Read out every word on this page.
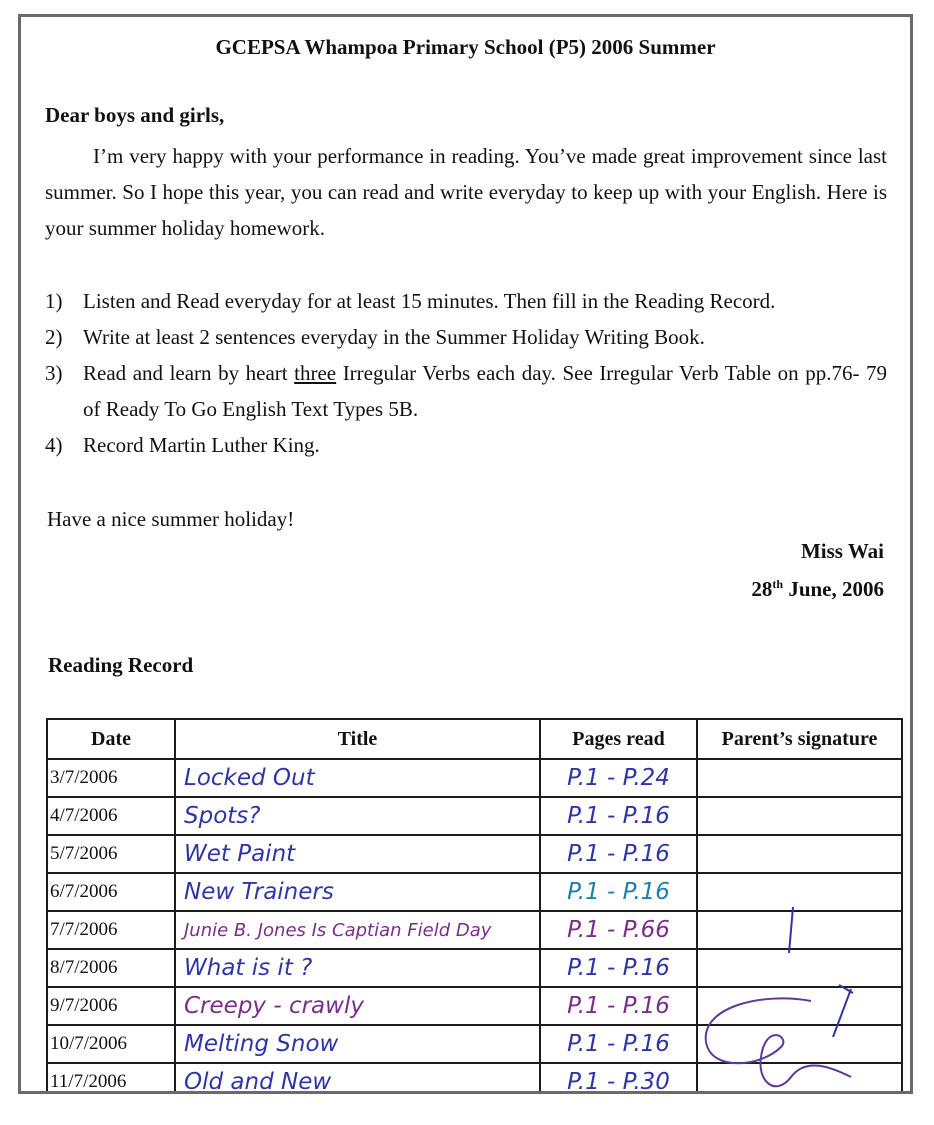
GCEPSA Whampoa Primary School (P5) 2006 Summer
Dear boys and girls,

I’m very happy with your performance in reading. You’ve made great improvement since last summer. So I hope this year, you can read and write everyday to keep up with your English. Here is your summer holiday homework.

1) Listen and Read everyday for at least 15 minutes. Then fill in the Reading Record.
2) Write at least 2 sentences everyday in the Summer Holiday Writing Book.
3) Read and learn by heart three Irregular Verbs each day. See Irregular Verb Table on pp.76- 79 of Ready To Go English Text Types 5B.
4) Record Martin Luther King.
Have a nice summer holiday!
Miss Wai
28th June, 2006
Reading Record
Date	Title	Pages read	Parent’s signature
3/7/2006	Locked Out	P.1 - P.24	
4/7/2006	Spots?	P.1 - P.16	
5/7/2006	Wet Paint	P.1 - P.16	
6/7/2006	New Trainers	P.1 - P.16	
7/7/2006	Junie B. Jones Is Captian Field Day	P.1 - P.66	
8/7/2006	What is it ?	P.1 - P.16	
9/7/2006	Creepy - crawly	P.1 - P.16	
10/7/2006	Melting Snow	P.1 - P.16	
11/7/2006	Old and New	P.1 - P.30	
